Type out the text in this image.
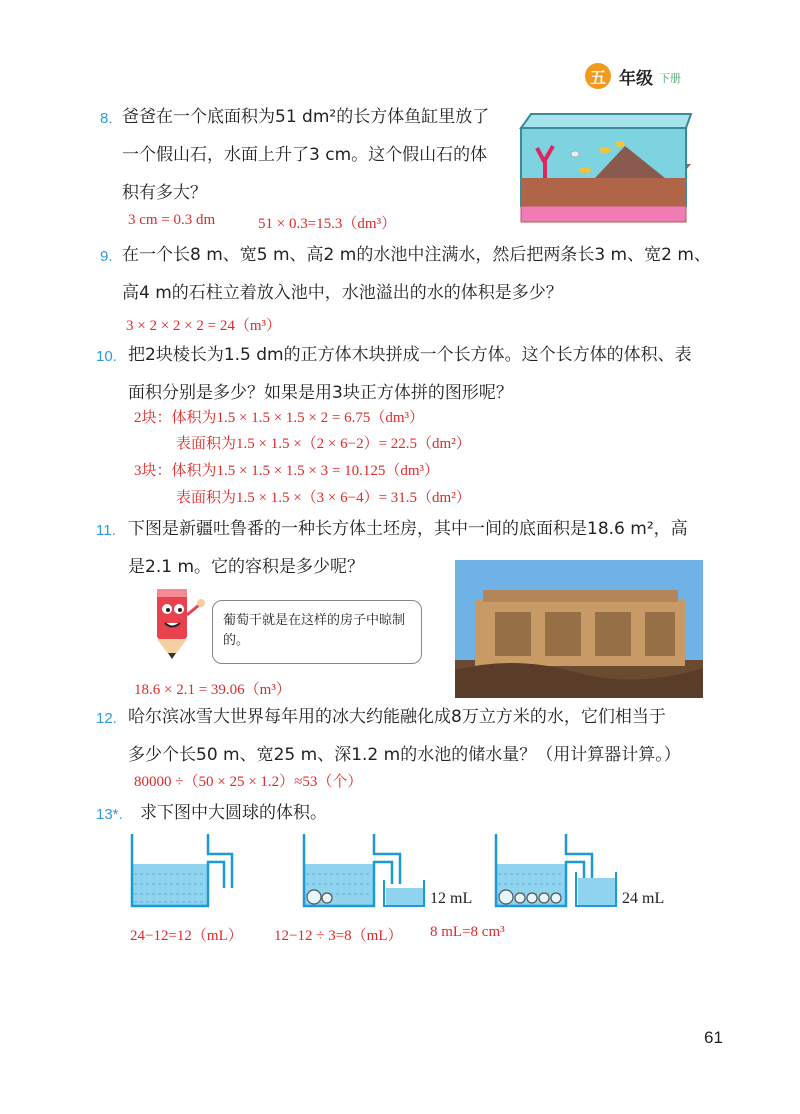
五 年级 下册
8. 爸爸在一个底面积为51 dm²的长方体鱼缸里放了
一个假山石，水面上升了3 cm。这个假山石的体
积有多大？
3 cm = 0.3 dm	51 × 0.3=15.3（dm³）
9. 在一个长8 m、宽5 m、高2 m的水池中注满水，然后把两条长3 m、宽2 m、
高4 m的石柱立着放入池中，水池溢出的水的体积是多少？
3 × 2 × 2 × 2 = 24（m³）
10. 把2块棱长为1.5 dm的正方体木块拼成一个长方体。这个长方体的体积、表
面积分别是多少？如果是用3块正方体拼的图形呢？
2块：体积为1.5 × 1.5 × 1.5 × 2 = 6.75（dm³）
表面积为1.5 × 1.5 ×（2 × 6−2）= 22.5（dm²）
3块：体积为1.5 × 1.5 × 1.5 × 3 = 10.125（dm³）
表面积为1.5 × 1.5 ×（3 × 6−4）= 31.5（dm²）
11. 下图是新疆吐鲁番的一种长方体土坯房，其中一间的底面积是18.6 m²，高
是2.1 m。它的容积是多少呢？
葡萄干就是在这样的房子中晾制的。
18.6 × 2.1 = 39.06（m³）
12. 哈尔滨冰雪大世界每年用的冰大约能融化成8万立方米的水，它们相当于
多少个长50 m、宽25 m、深1.2 m的水池的储水量？（用计算器计算。）
80000 ÷（50 × 25 × 1.2）≈53（个）
13*. 求下图中大圆球的体积。
12 mL	24 mL
24−12=12（mL） 12−12 ÷ 3=8（mL） 8 mL=8 cm³
61
